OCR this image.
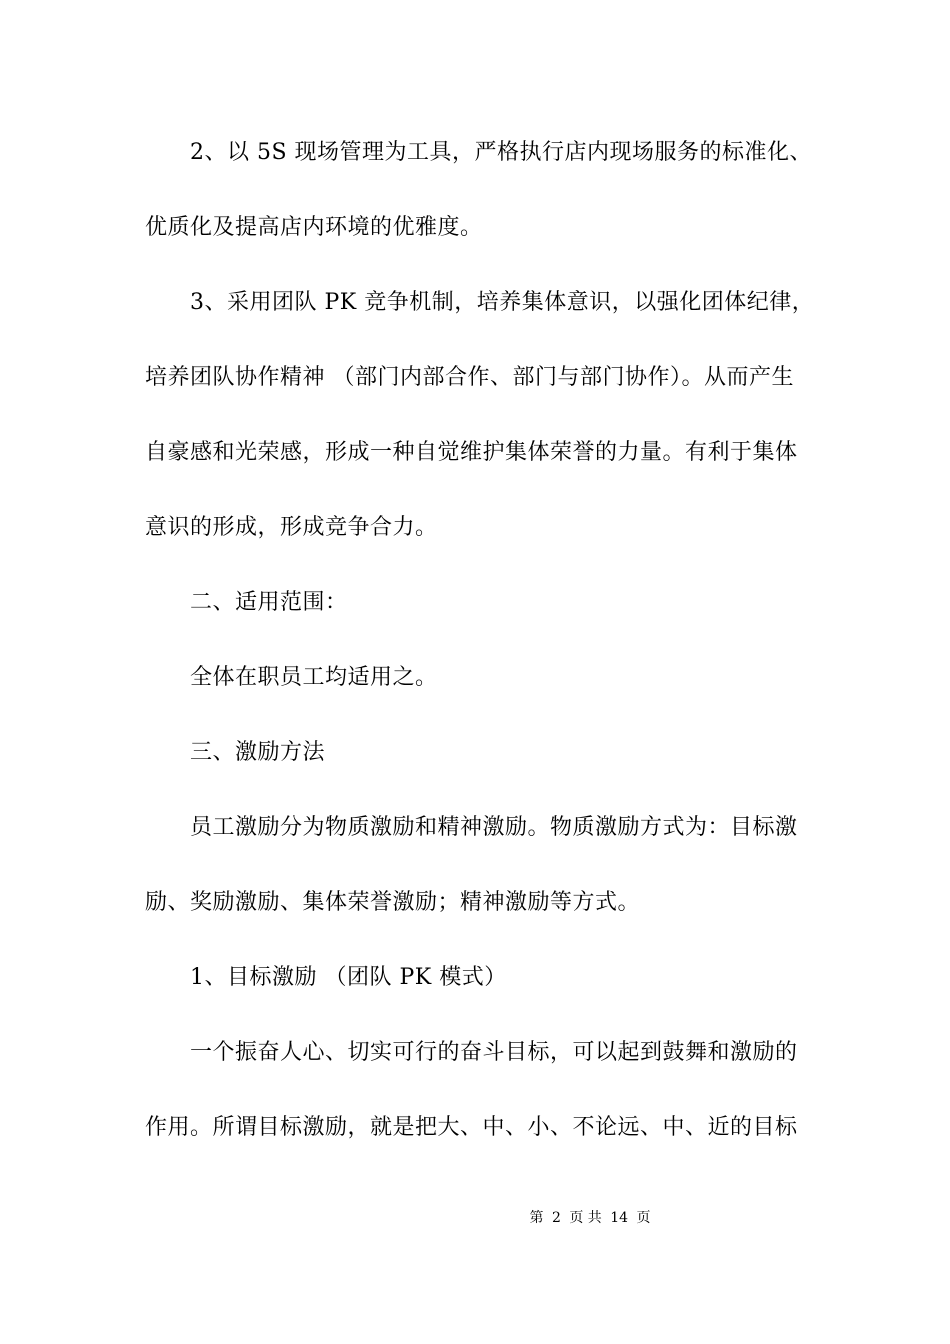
2、以 5S 现场管理为工具，严格执行店内现场服务的标准化、
优质化及提高店内环境的优雅度。
3、采用团队 PK 竞争机制，培养集体意识，以强化团体纪律，
培养团队协作精神 （部门内部合作、部门与部门协作）。从而产生
自豪感和光荣感，形成一种自觉维护集体荣誉的力量。有利于集体
意识的形成，形成竞争合力。
二、适用范围：
全体在职员工均适用之。
三、激励方法
员工激励分为物质激励和精神激励。物质激励方式为：目标激
励、奖励激励、集体荣誉激励；精神激励等方式。
1、目标激励 （团队 PK 模式）
一个振奋人心、切实可行的奋斗目标，可以起到鼓舞和激励的
作用。所谓目标激励，就是把大、中、小、不论远、中、近的目标
第 2 页 共 14 页
